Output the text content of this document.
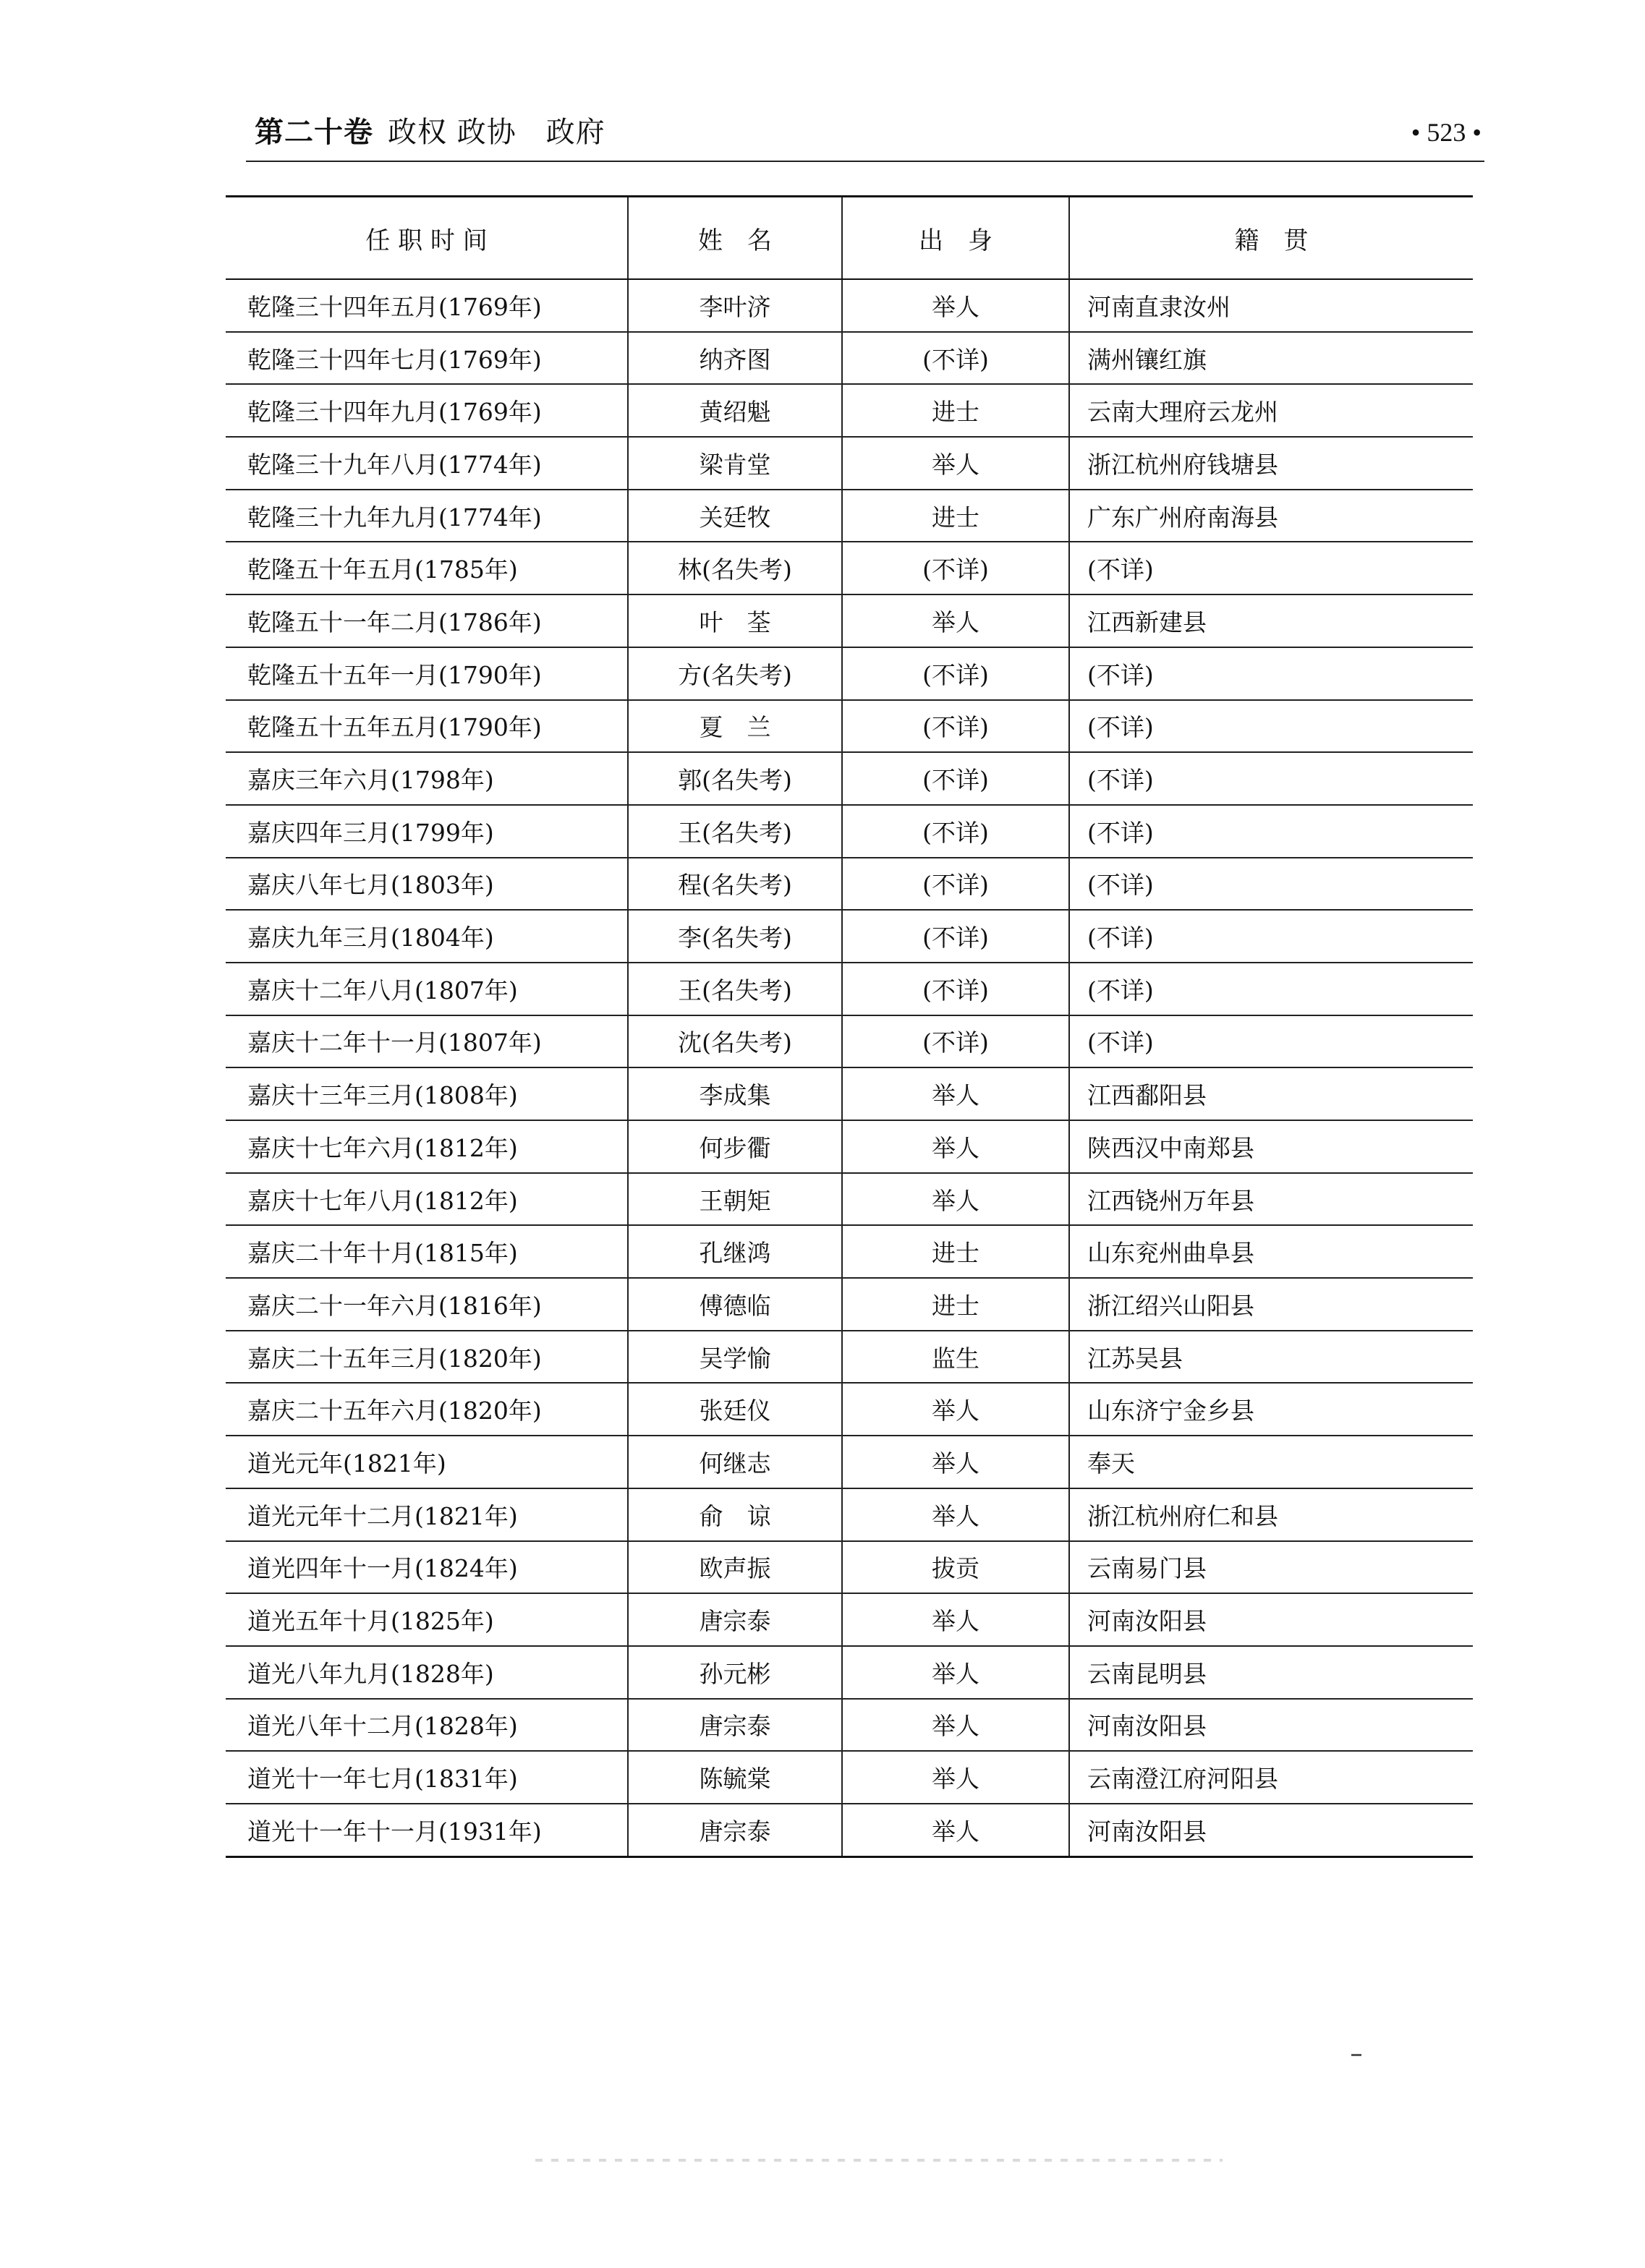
第二十卷 政权 政协　政府	• 523 •
任 职 时 间	姓　名	出　身	籍　贯
乾隆三十四年五月(1769年)	李叶济	举人	河南直隶汝州
乾隆三十四年七月(1769年)	纳齐图	(不详)	满州镶红旗
乾隆三十四年九月(1769年)	黄绍魁	进士	云南大理府云龙州
乾隆三十九年八月(1774年)	梁肯堂	举人	浙江杭州府钱塘县
乾隆三十九年九月(1774年)	关廷牧	进士	广东广州府南海县
乾隆五十年五月(1785年)	林(名失考)	(不详)	(不详)
乾隆五十一年二月(1786年)	叶　荃	举人	江西新建县
乾隆五十五年一月(1790年)	方(名失考)	(不详)	(不详)
乾隆五十五年五月(1790年)	夏　兰	(不详)	(不详)
嘉庆三年六月(1798年)	郭(名失考)	(不详)	(不详)
嘉庆四年三月(1799年)	王(名失考)	(不详)	(不详)
嘉庆八年七月(1803年)	程(名失考)	(不详)	(不详)
嘉庆九年三月(1804年)	李(名失考)	(不详)	(不详)
嘉庆十二年八月(1807年)	王(名失考)	(不详)	(不详)
嘉庆十二年十一月(1807年)	沈(名失考)	(不详)	(不详)
嘉庆十三年三月(1808年)	李成集	举人	江西鄱阳县
嘉庆十七年六月(1812年)	何步衢	举人	陕西汉中南郑县
嘉庆十七年八月(1812年)	王朝矩	举人	江西铙州万年县
嘉庆二十年十月(1815年)	孔继鸿	进士	山东兖州曲阜县
嘉庆二十一年六月(1816年)	傅德临	进士	浙江绍兴山阳县
嘉庆二十五年三月(1820年)	吴学愉	监生	江苏吴县
嘉庆二十五年六月(1820年)	张廷仪	举人	山东济宁金乡县
道光元年(1821年)	何继志	举人	奉天
道光元年十二月(1821年)	俞　谅	举人	浙江杭州府仁和县
道光四年十一月(1824年)	欧声振	拔贡	云南易门县
道光五年十月(1825年)	唐宗泰	举人	河南汝阳县
道光八年九月(1828年)	孙元彬	举人	云南昆明县
道光八年十二月(1828年)	唐宗泰	举人	河南汝阳县
道光十一年七月(1831年)	陈毓棠	举人	云南澄江府河阳县
道光十一年十一月(1931年)	唐宗泰	举人	河南汝阳县
